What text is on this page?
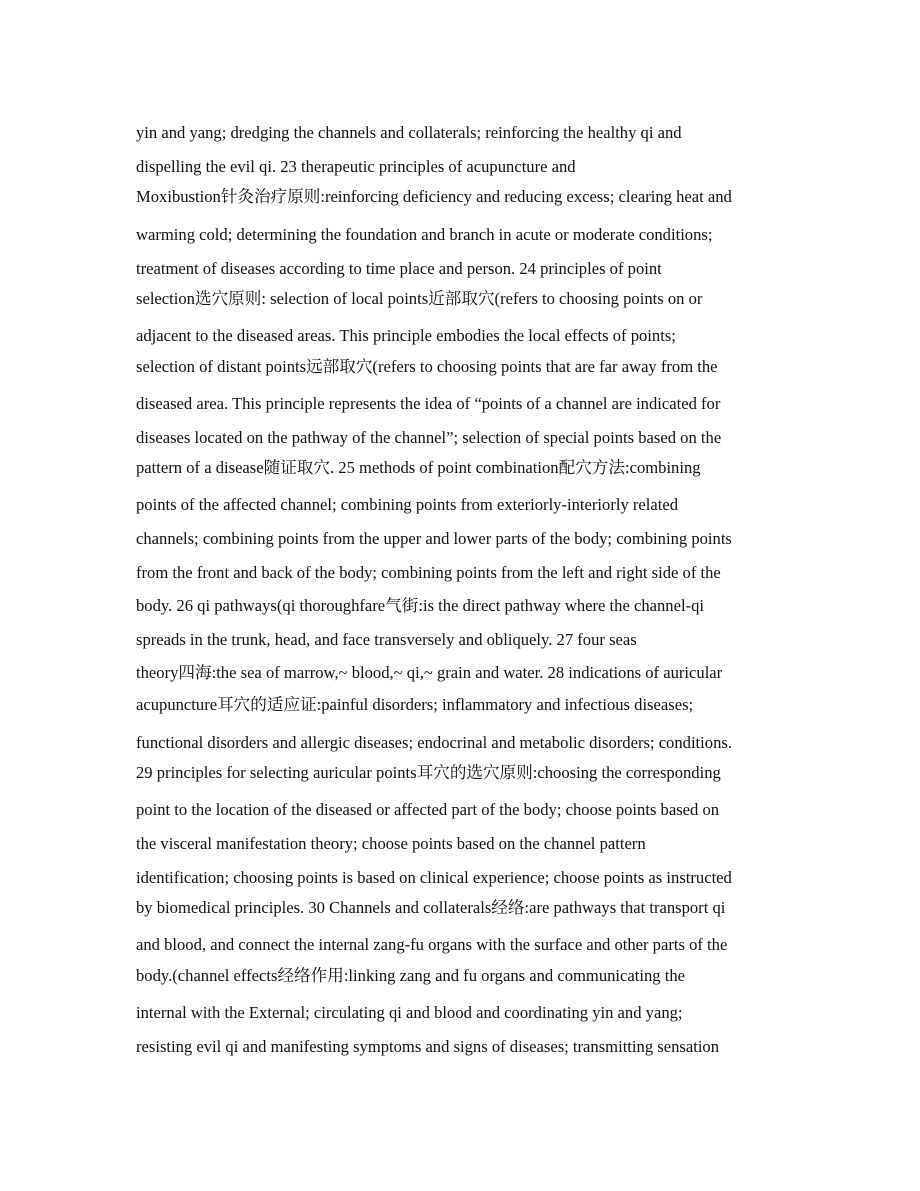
yin and yang; dredging the channels and collaterals; reinforcing the healthy qi and
dispelling the evil qi. 23 therapeutic principles of acupuncture and
Moxibustion针灸治疗原则:reinforcing deficiency and reducing excess; clearing heat and
warming cold; determining the foundation and branch in acute or moderate conditions;
treatment of diseases according to time place and person. 24 principles of point
selection选穴原则: selection of local points近部取穴(refers to choosing points on or
adjacent to the diseased areas. This principle embodies the local effects of points;
selection of distant points远部取穴(refers to choosing points that are far away from the
diseased area. This principle represents the idea of “points of a channel are indicated for
diseases located on the pathway of the channel”; selection of special points based on the
pattern of a disease随证取穴. 25 methods of point combination配穴方法:combining
points of the affected channel; combining points from exteriorly-interiorly related
channels; combining points from the upper and lower parts of the body; combining points
from the front and back of the body; combining points from the left and right side of the
body. 26 qi pathways(qi thoroughfare气街:is the direct pathway where the channel-qi
spreads in the trunk, head, and face transversely and obliquely. 27 four seas
theory四海:the sea of marrow,~ blood,~ qi,~ grain and water. 28 indications of auricular
acupuncture耳穴的适应证:painful disorders; inflammatory and infectious diseases;
functional disorders and allergic diseases; endocrinal and metabolic disorders; conditions.
29 principles for selecting auricular points耳穴的选穴原则:choosing the corresponding
point to the location of the diseased or affected part of the body; choose points based on
the visceral manifestation theory; choose points based on the channel pattern
identification; choosing points is based on clinical experience; choose points as instructed
by biomedical principles. 30 Channels and collaterals经络:are pathways that transport qi
and blood, and connect the internal zang-fu organs with the surface and other parts of the
body.(channel effects经络作用:linking zang and fu organs and communicating the
internal with the External; circulating qi and blood and coordinating yin and yang;
resisting evil qi and manifesting symptoms and signs of diseases; transmitting sensation
